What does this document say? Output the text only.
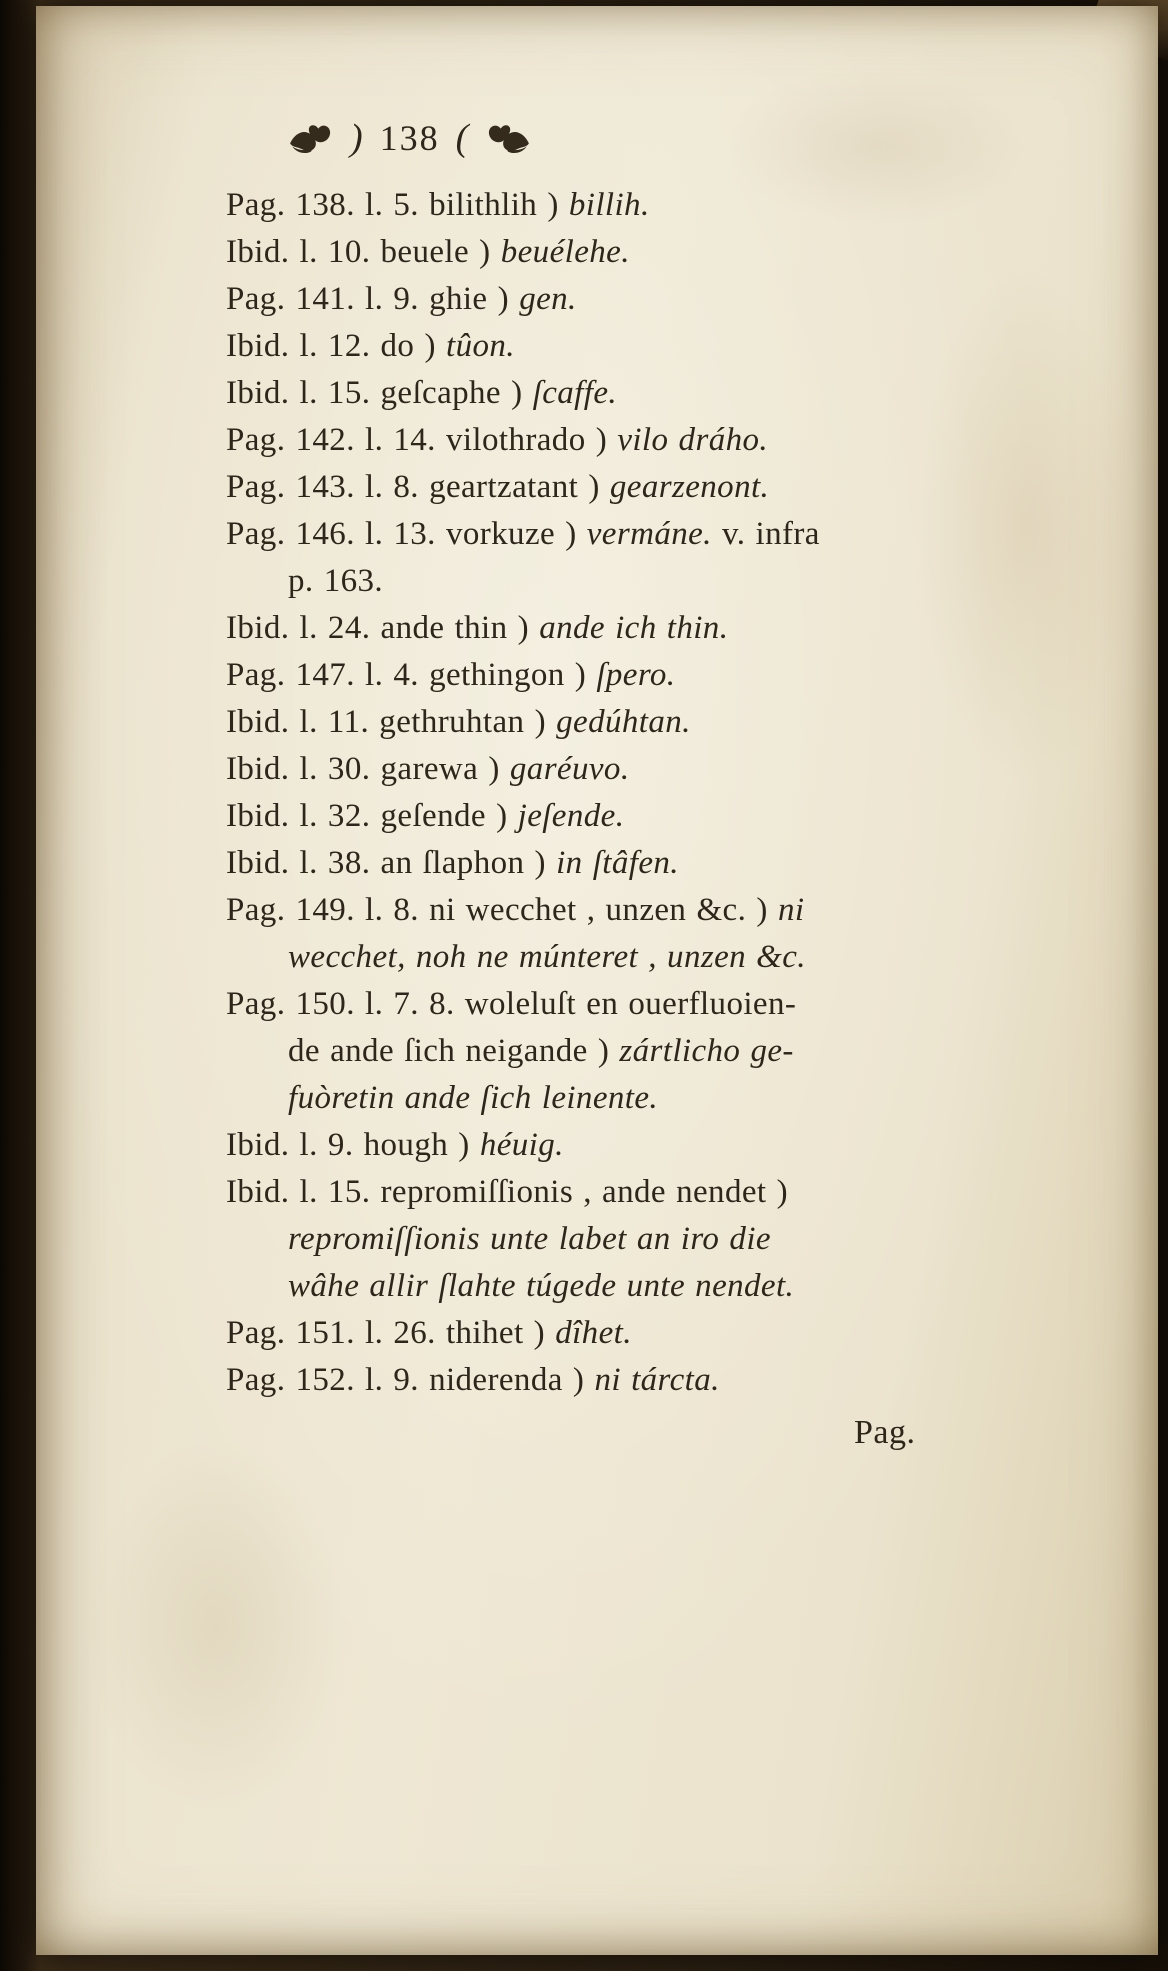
) 138 (
Pag. 138. l. 5. bilithlih ) billih.
Ibid. l. 10. beuele ) beuélehe.
Pag. 141. l. 9. ghie ) gen.
Ibid. l. 12. do ) tûon.
Ibid. l. 15. geſcaphe ) ſcaffe.
Pag. 142. l. 14. vilothrado ) vilo dráho.
Pag. 143. l. 8. geartzatant ) gearzenont.
Pag. 146. l. 13. vorkuze ) vermáne. v. infra
p. 163.
Ibid. l. 24. ande thin ) ande ich thin.
Pag. 147. l. 4. gethingon ) ſpero.
Ibid. l. 11. gethruhtan ) gedúhtan.
Ibid. l. 30. garewa ) garéuvo.
Ibid. l. 32. geſende ) jeſende.
Ibid. l. 38. an ſlaphon ) in ſtâfen.
Pag. 149. l. 8. ni wecchet , unzen &c. ) ni
wecchet, noh ne múnteret , unzen &c.
Pag. 150. l. 7. 8. woleluſt en ouerfluoien-
de ande ſich neigande ) zártlicho ge-
fuòretin ande ſich leinente.
Ibid. l. 9. hough ) héuig.
Ibid. l. 15. repromiſſionis , ande nendet )
repromiſſionis unte labet an iro die
wâhe allir ſlahte túgede unte nendet.
Pag. 151. l. 26. thihet ) dîhet.
Pag. 152. l. 9. niderenda ) ni tárcta.
Pag.
